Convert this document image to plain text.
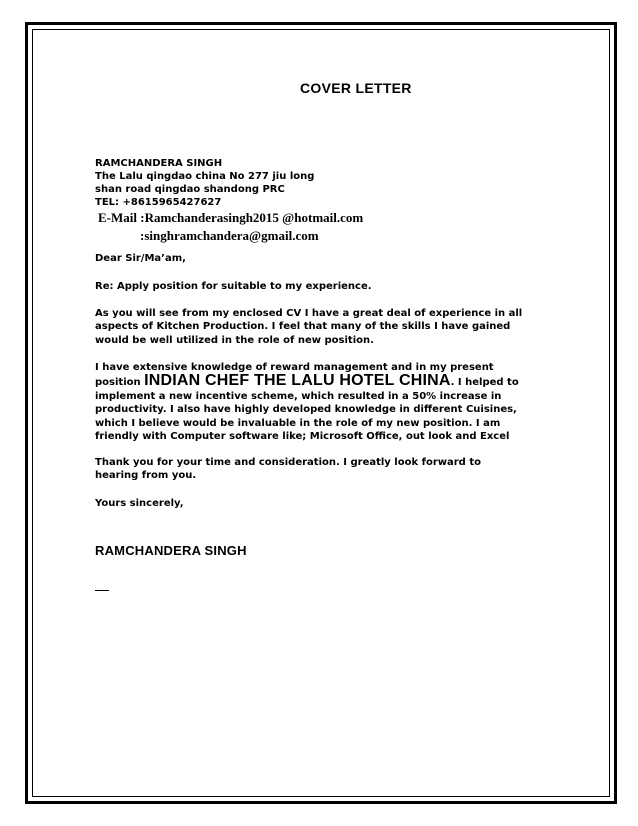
COVER LETTER
RAMCHANDERA SINGH
The Lalu qingdao china No 277 jiu long
shan road qingdao shandong PRC
TEL: +8615965427627
E-Mail :Ramchanderasingh2015 @hotmail.com
:singhramchandera@gmail.com
Dear Sir/Ma’am,
Re: Apply position for suitable to my experience.
As you will see from my enclosed CV I have a great deal of experience in all
aspects of Kitchen Production. I feel that many of the skills I have gained
would be well utilized in the role of new position.
I have extensive knowledge of reward management and in my present
position INDIAN CHEF THE LALU HOTEL CHINA. I helped to
implement a new incentive scheme, which resulted in a 50% increase in
productivity. I also have highly developed knowledge in different Cuisines,
which I believe would be invaluable in the role of my new position. I am
friendly with Computer software like; Microsoft Office, out look and Excel
Thank you for your time and consideration. I greatly look forward to
hearing from you.
Yours sincerely,
RAMCHANDERA SINGH
